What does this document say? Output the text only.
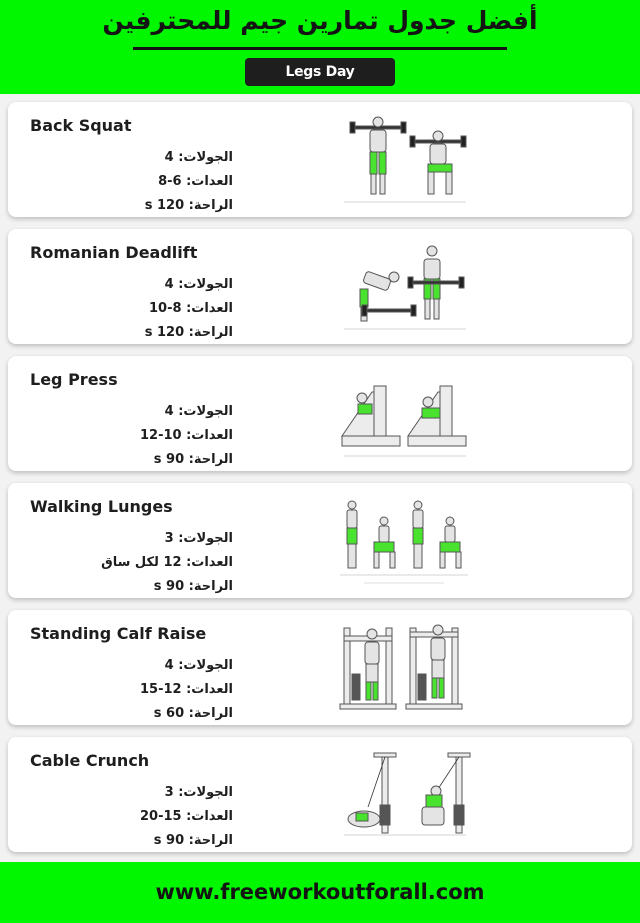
أفضل جدول تمارين جيم للمحترفين
Legs Day
Back Squat
الجولات: 4
العدات: 6-8
الراحة: 120 s
Romanian Deadlift
الجولات: 4
العدات: 8-10
الراحة: 120 s
Leg Press
الجولات: 4
العدات: 10-12
الراحة: 90 s
Walking Lunges
الجولات: 3
العدات: 12 لكل ساق
الراحة: 90 s
Standing Calf Raise
الجولات: 4
العدات: 12-15
الراحة: 60 s
Cable Crunch
الجولات: 3
العدات: 15-20
الراحة: 90 s
www.freeworkoutforall.com
